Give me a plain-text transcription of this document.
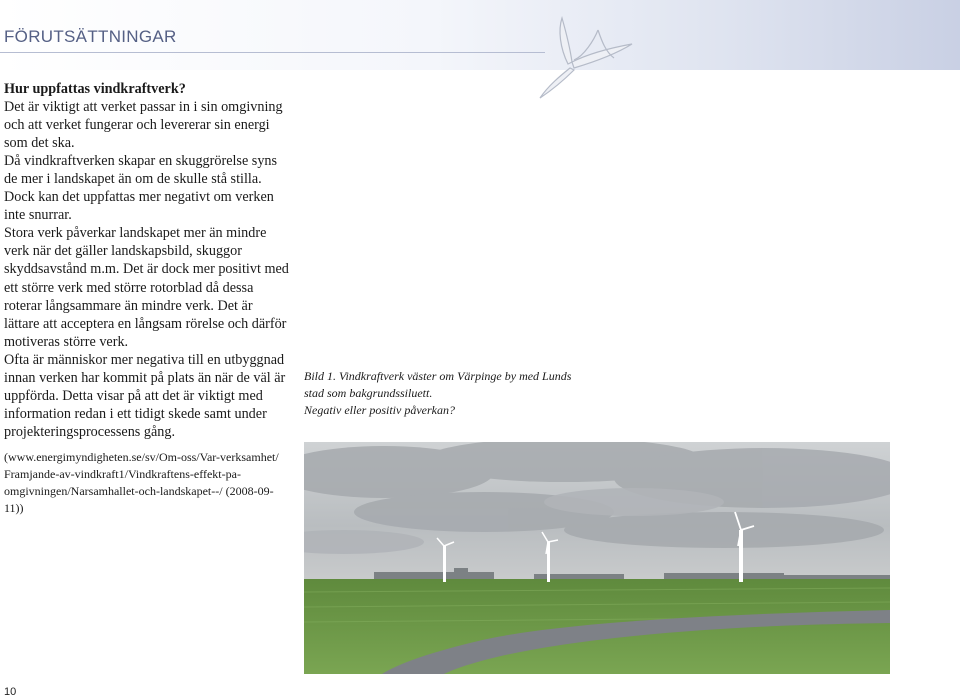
FÖRUTSÄTTNINGAR

Hur uppfattas vindkraftverk?

Det är viktigt att verket passar in i sin omgivning och att verket fungerar och levererar sin energi som det ska.

Då vindkraftverken skapar en skuggrörelse syns de mer i landskapet än om de skulle stå stilla. Dock kan det uppfattas mer negativt om verken inte snurrar.

Stora verk påverkar landskapet mer än mindre verk när det gäller landskapsbild, skuggor skyddsavstånd m.m. Det är dock mer positivt med ett större verk med större rotorblad då dessa roterar långsammare än mindre verk. Det är lättare att acceptera en långsam rörelse och därför motiveras större verk.

Ofta är människor mer negativa till en utbyggnad innan verken har kommit på plats än när de väl är uppförda. Detta visar på att det är viktigt med information redan i ett tidigt skede samt under projekteringsprocessens gång.

(www.energimyndigheten.se/sv/Om-oss/Var-verksamhet/ Framjande-av-vindkraft1/Vindkraftens-effekt-pa-omgivningen/Narsamhallet-och-landskapet--/ (2008-09-11))
Bild 1. Vindkraftverk väster om Värpinge by med Lunds
stad som bakgrundssiluett.
Negativ eller positiv påverkan?
10
